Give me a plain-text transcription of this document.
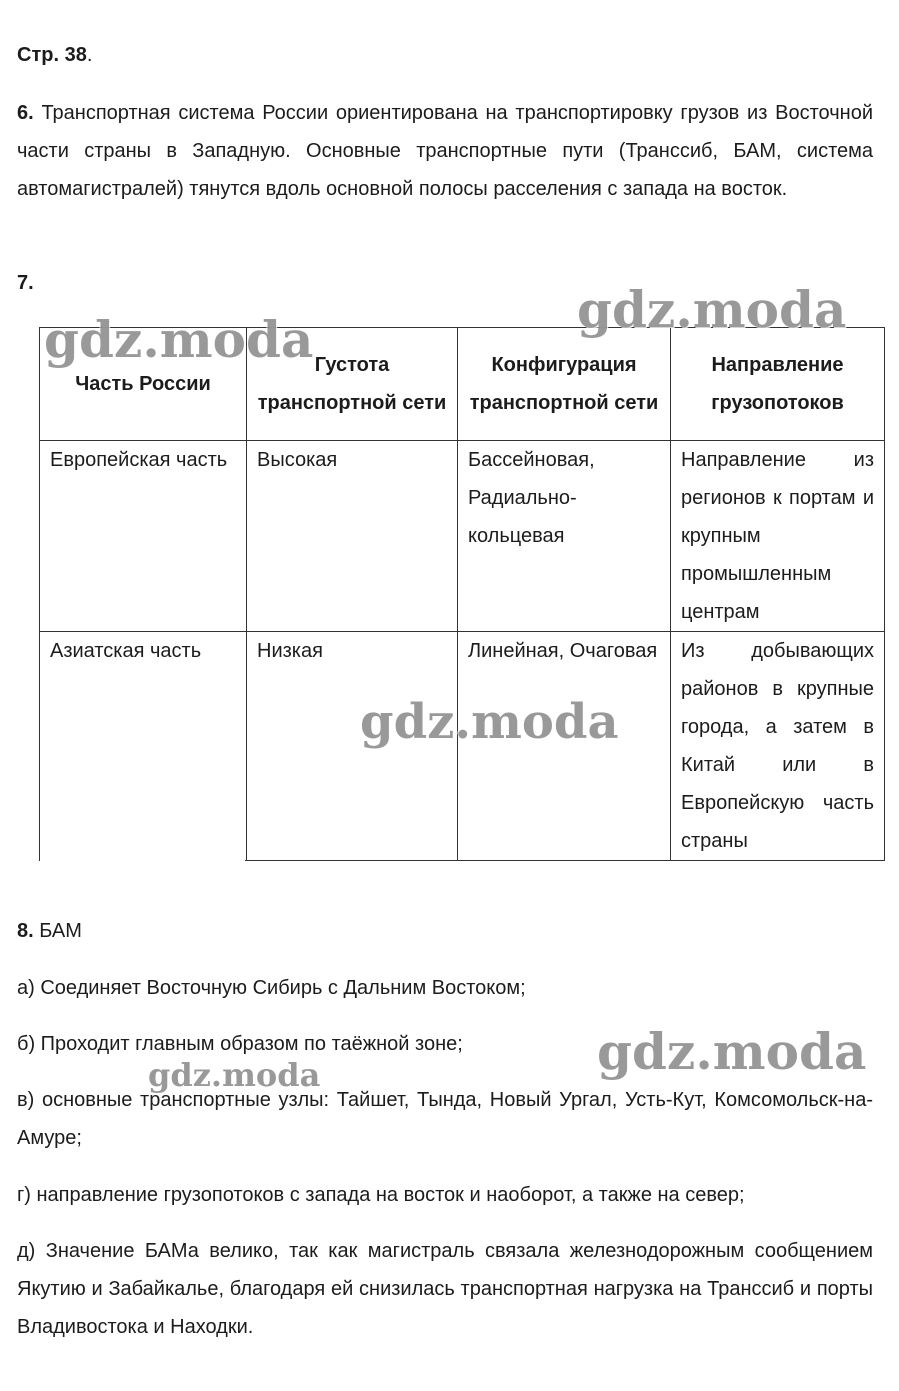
Стр. 38.

6. Транспортная система России ориентирована на транспортировку грузов из Восточной части страны в Западную. Основные транспортные пути (Транссиб, БАМ, система автомагистралей) тянутся вдоль основной полосы расселения с запада на восток.

7.

Часть России	Густота транспортной сети	Конфигурация транспортной сети	Направление грузопотоков
Европейская часть	Высокая	Бассейновая, Радиально-кольцевая	Направление из регионов к портам и крупным промышленным центрам
Азиатская часть	Низкая	Линейная, Очаговая	Из добывающих районов в крупные города, а затем в Китай или в Европейскую часть страны

8. БАМ

а) Соединяет Восточную Сибирь с Дальним Востоком;

б) Проходит главным образом по таёжной зоне;

в) основные транспортные узлы: Тайшет, Тында, Новый Ургал, Усть-Кут, Комсомольск-на-Амуре;

г) направление грузопотоков с запада на восток и наоборот, а также на север;

д) Значение БАМа велико, так как магистраль связала железнодорожным сообщением Якутию и Забайкалье, благодаря ей снизилась транспортная нагрузка на Транссиб и порты Владивостока и Находки.

gdz.moda
gdz.moda
gdz.moda
gdz.moda
gdz.moda
